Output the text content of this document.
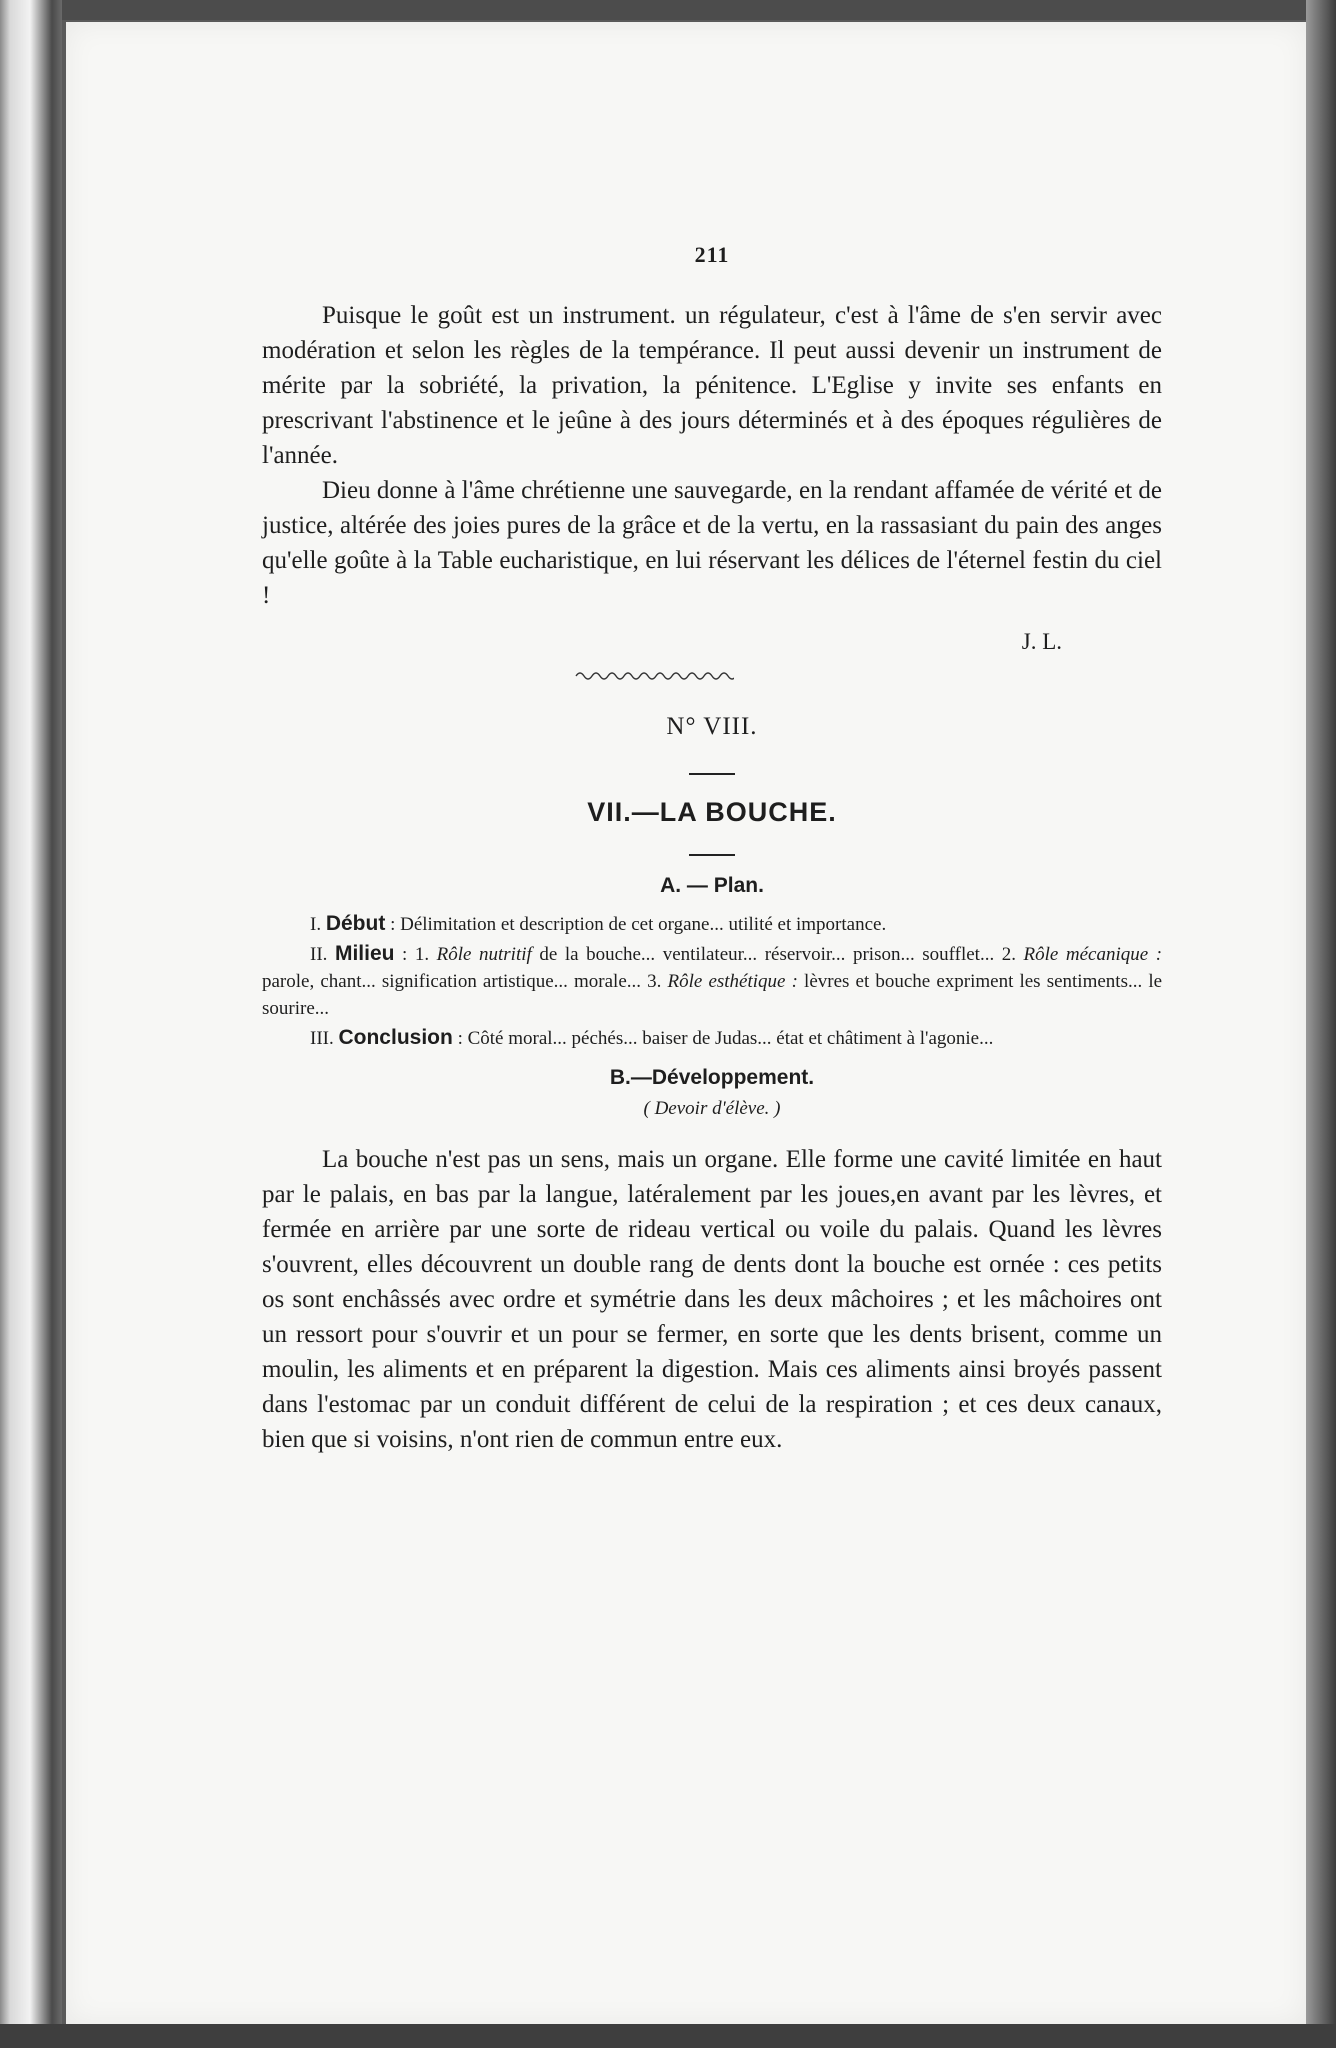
211

Puisque le goût est un instrument. un régulateur, c'est à l'âme de s'en servir avec modération et selon les règles de la tempérance. Il peut aussi devenir un instrument de mérite par la sobriété, la privation, la pénitence. L'Eglise y invite ses enfants en prescrivant l'abstinence et le jeûne à des jours déterminés et à des époques régulières de l'année.

Dieu donne à l'âme chrétienne une sauvegarde, en la rendant affamée de vérité et de justice, altérée des joies pures de la grâce et de la vertu, en la rassasiant du pain des anges qu'elle goûte à la Table eucharistique, en lui réservant les délices de l'éternel festin du ciel !

J. L.
N° VIII.
VII.—LA BOUCHE.
A. — Plan.

I. Début : Délimitation et description de cet organe... utilité et importance.

II. Milieu : 1. Rôle nutritif de la bouche... ventilateur... réservoir... prison... soufflet... 2. Rôle mécanique : parole, chant... signification artistique... morale... 3. Rôle esthétique : lèvres et bouche expriment les sentiments... le sourire...

III. Conclusion : Côté moral... péchés... baiser de Judas... état et châtiment à l'agonie...

B.—Développement.
( Devoir d'élève. )

La bouche n'est pas un sens, mais un organe. Elle forme une cavité limitée en haut par le palais, en bas par la langue, latéralement par les joues,en avant par les lèvres, et fermée en arrière par une sorte de rideau vertical ou voile du palais. Quand les lèvres s'ouvrent, elles découvrent un double rang de dents dont la bouche est ornée : ces petits os sont enchâssés avec ordre et symétrie dans les deux mâchoires ; et les mâchoires ont un ressort pour s'ouvrir et un pour se fermer, en sorte que les dents brisent, comme un moulin, les aliments et en préparent la digestion. Mais ces aliments ainsi broyés passent dans l'estomac par un conduit différent de celui de la respiration ; et ces deux canaux, bien que si voisins, n'ont rien de commun entre eux.
